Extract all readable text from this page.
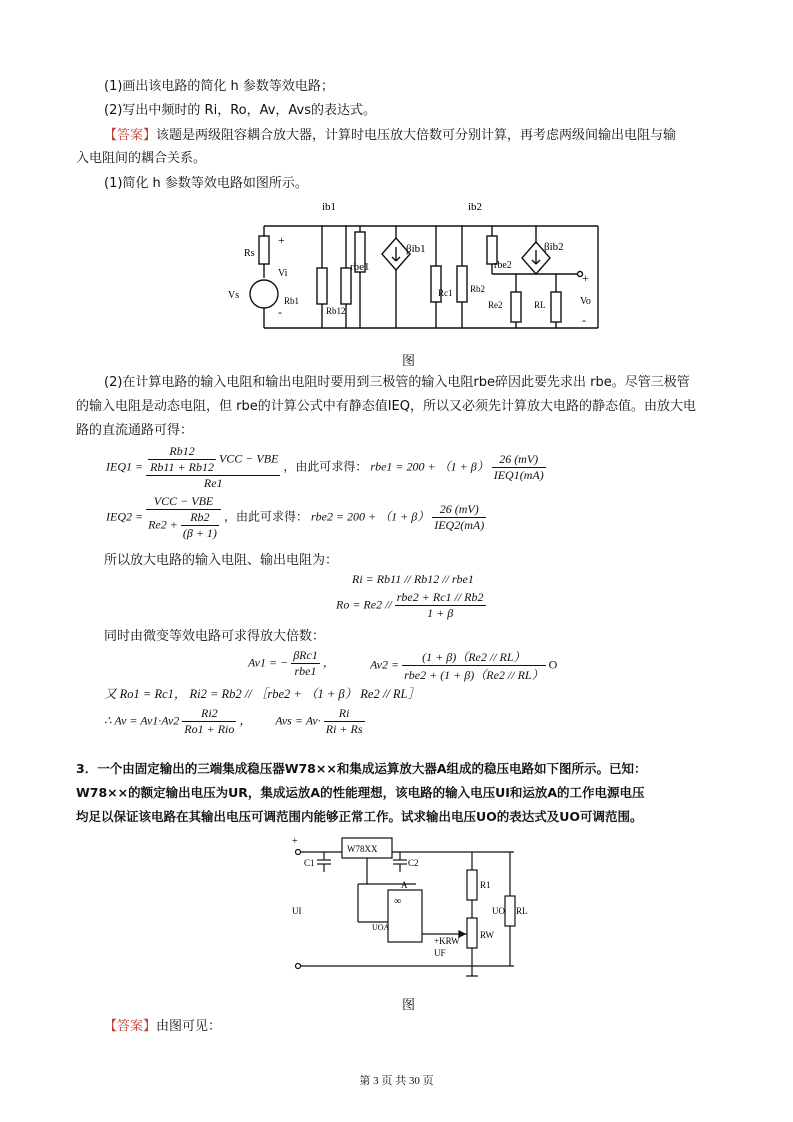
(1)画出该电路的简化 h 参数等效电路；
(2)写出中频时的 Ri，Ro，Av，Avs的表达式。
【答案】该题是两级阻容耦合放大器，计算时电压放大倍数可分别计算，再考虑两级间输出电阻与输
入电阻间的耦合关系。
(1)简化 h 参数等效电路如图所示。
ib1	ib2
Rs
+
Vi
-
Vs	Rb1
Rb12
rbe1
βib1
Rc1 Rb2
rbe2
Re2
βib2
RL
+
Vo
-
图
(2)在计算电路的输入电阻和输出电阻时要用到三极管的输入电阻rbe碎因此要先求出 rbe。尽管三极管
的输入电阻是动态电阻，但 rbe的计算公式中有静态值IEQ，所以又必须先计算放大电路的静态值。由放大电
路的直流通路可得：
$IEQ1 = \frac{\frac{Rb12}{Rb11 + Rb12} VCC - VBE}{Re1}$ ，由此可求得： $rbe1 = 200 + (1 + \beta) \frac{26 (mV)}{\text{IEQ1(mA)}}$
$IEQ2 = \frac{\text{VCC − VBE}}{Re2 + \frac{Rb2}{(\beta + 1)}}$ ，由此可求得： $rbe2 = 200 + (1 + \beta) \frac{26 (mV)}{\text{IEQ2(mA)}}$
所以放大电路的输入电阻、输出电阻为：
Ri = Rb11 // Rb12 // rbe1
$Ro = Re2 // \frac{\text{rbe2 + Rc1 // Rb2}}{1 + \beta}$
同时由微变等效电路可求得放大倍数：
Av1 = − $\frac{\text{βRc1}}{\text{rbe1}}$ ，	$Av2 = \frac{(1 + \beta)(Re2 // RL)}{\text{rbe2 + (1 + β)（Re2 // RL）}}$ O
又 Ro1 = Rc1， Ri2 = Rb2 // ［rbe2 + （1 + β） Re2 // RL］
∴ $Av = Av1\cdot Av2 \frac{Ri2}{\text{Ro1 + Rio}}$ ， Avs = $Av\cdot \frac{Ri}{Ri + Rs}$
3．一个由固定输出的三端集成稳压器W78××和集成运算放大器A组成的稳压电路如下图所示。已知：
W78××的额定输出电压为UR，集成运放A的性能理想，该电路的输入电压UI和运放A的工作电源电压
均足以保证该电路在其输出电压可调范围内能够正常工作。试求输出电压UO的表达式及UO可调范围。
W78XX
+
C1	C2
A
∞
R1
RW
UO RL
UI
UOA
+KRW
UF
图
【答案】由图可见：
第 3 页 共 30 页
